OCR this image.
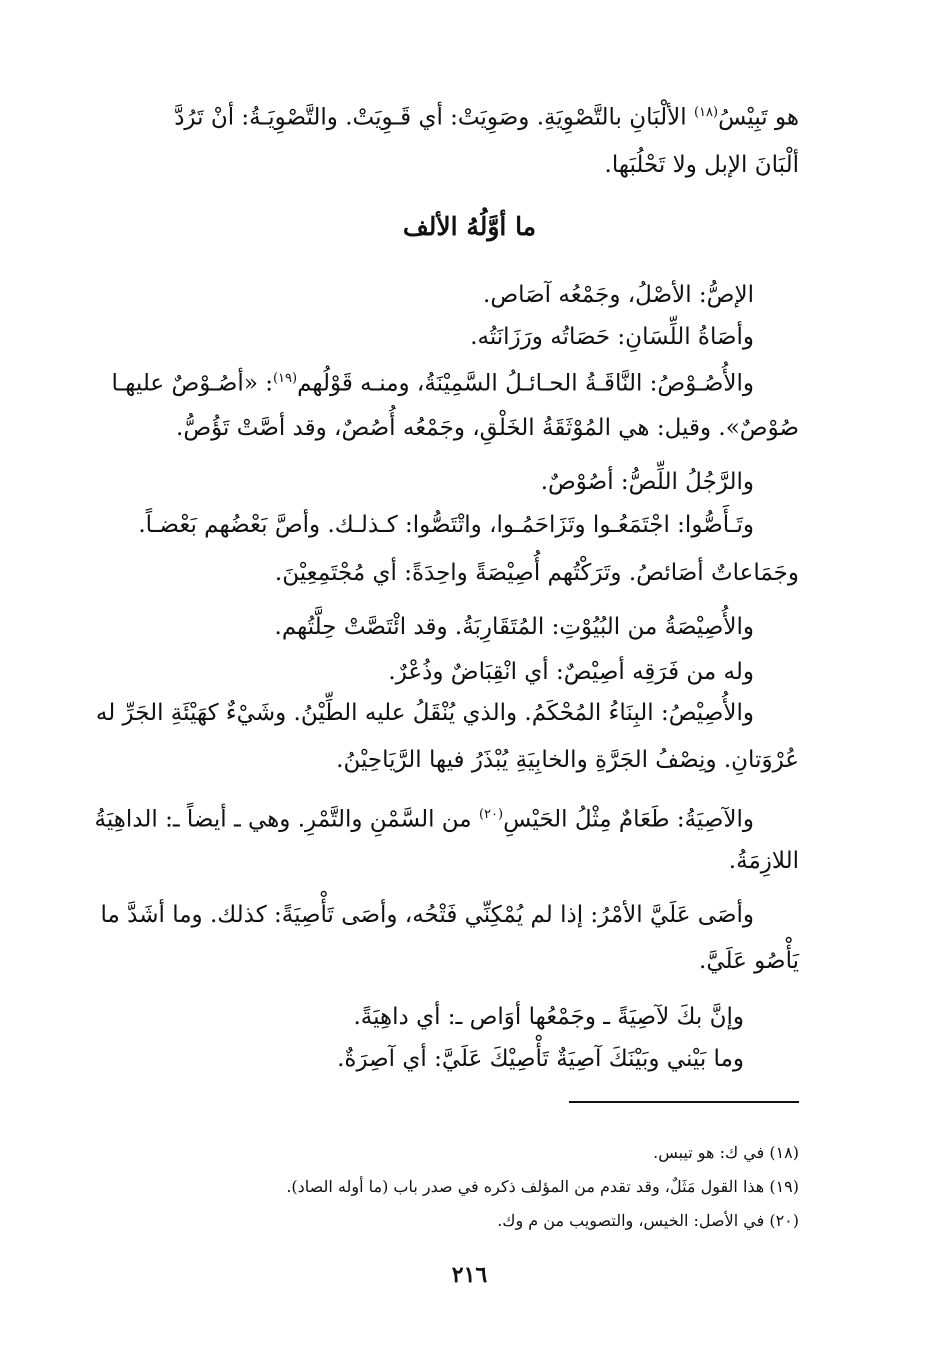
هو تَبِيْسُ$^{(١٨)}$ الألْبَانِ بالتَّصْوِيَةِ. وصَوِيَتْ: أي قَـوِيَتْ. والتَّصْوِيَـةُ: أنْ تَرُدَّ
ألْبَانَ الإبل ولا تَحْلُبَها.
ما أوَّلُهُ الألف
الإصُّ: الأصْلُ، وجَمْعُه آصَاص.
وأصَاةُ اللِّسَانِ: حَصَاتُه ورَزَانَتُه.
والأُصُـوْصُ: النَّاقَـةُ الحـائـلُ السَّمِيْنَةُ، ومنـه قَوْلُهم$^{(١٩)}$: «أصُـوْصٌ عليهـا
صُوْصٌ». وقيل: هي المُوْثَقَةُ الخَلْقِ، وجَمْعُه أُصُصٌ، وقد أصَّتْ تَؤُصُّ.
والرَّجُلُ اللِّصُّ: أصُوْصٌ.
وتَـأَصُّوا: اجْتَمَعُـوا وتَزَاحَمُـوا، واتْتَصُّوا: كـذلـك. وأصَّ بَعْضُهم بَعْضـاً.
وجَمَاعاتٌ أصَائصُ. وتَرَكْتُهم أُصِيْصَةً واحِدَةً: أي مُجْتَمِعِيْنَ.
والأُصِيْصَةُ من البُيُوْتِ: المُتَقَارِبَةُ. وقد ائْتَصَّتْ حِلَّتُهم.
وله من فَرَقِه أصِيْصٌ: أي انْقِبَاضٌ وذُعْرٌ.
والأُصِيْصُ: البِنَاءُ المُحْكَمُ. والذي يُنْقَلُ عليه الطِّيْنُ. وشَيْءٌ كهَيْئَةِ الجَرِّ له
عُرْوَتانِ. ونِصْفُ الجَرَّةِ والخابِيَةِ يُبْذَرُ فيها الرَّيَاحِيْنُ.
والآصِيَةُ: طَعَامٌ مِثْلُ الحَيْسِ$^{(٢٠)}$ من السَّمْنِ والتَّمْرِ. وهي ـ أيضاً ـ: الداهِيَةُ
اللازِمَةُ.
وأصَى عَلَيَّ الأمْرُ: إذا لم يُمْكِنِّي فَتْحُه، وأصَى تَأْصِيَةً: كذلك. وما أشَدَّ ما
يَأْصُو عَلَيَّ.
وإنَّ بكَ لآصِيَةً ـ وجَمْعُها أوَاص ـ: أي داهِيَةً.
وما بَيْني وبَيْنَكَ آصِيَةٌ تَأْصِيْكَ عَلَيَّ: أي آصِرَةٌ.
(١٨) في ك: هو تيبس.
(١٩) هذا القول مَثَلٌ، وقد تقدم من المؤلف ذكره في صدر باب (ما أوله الصاد).
(٢٠) في الأصل: الخيس، والتصويب من م وك.
٢١٦
